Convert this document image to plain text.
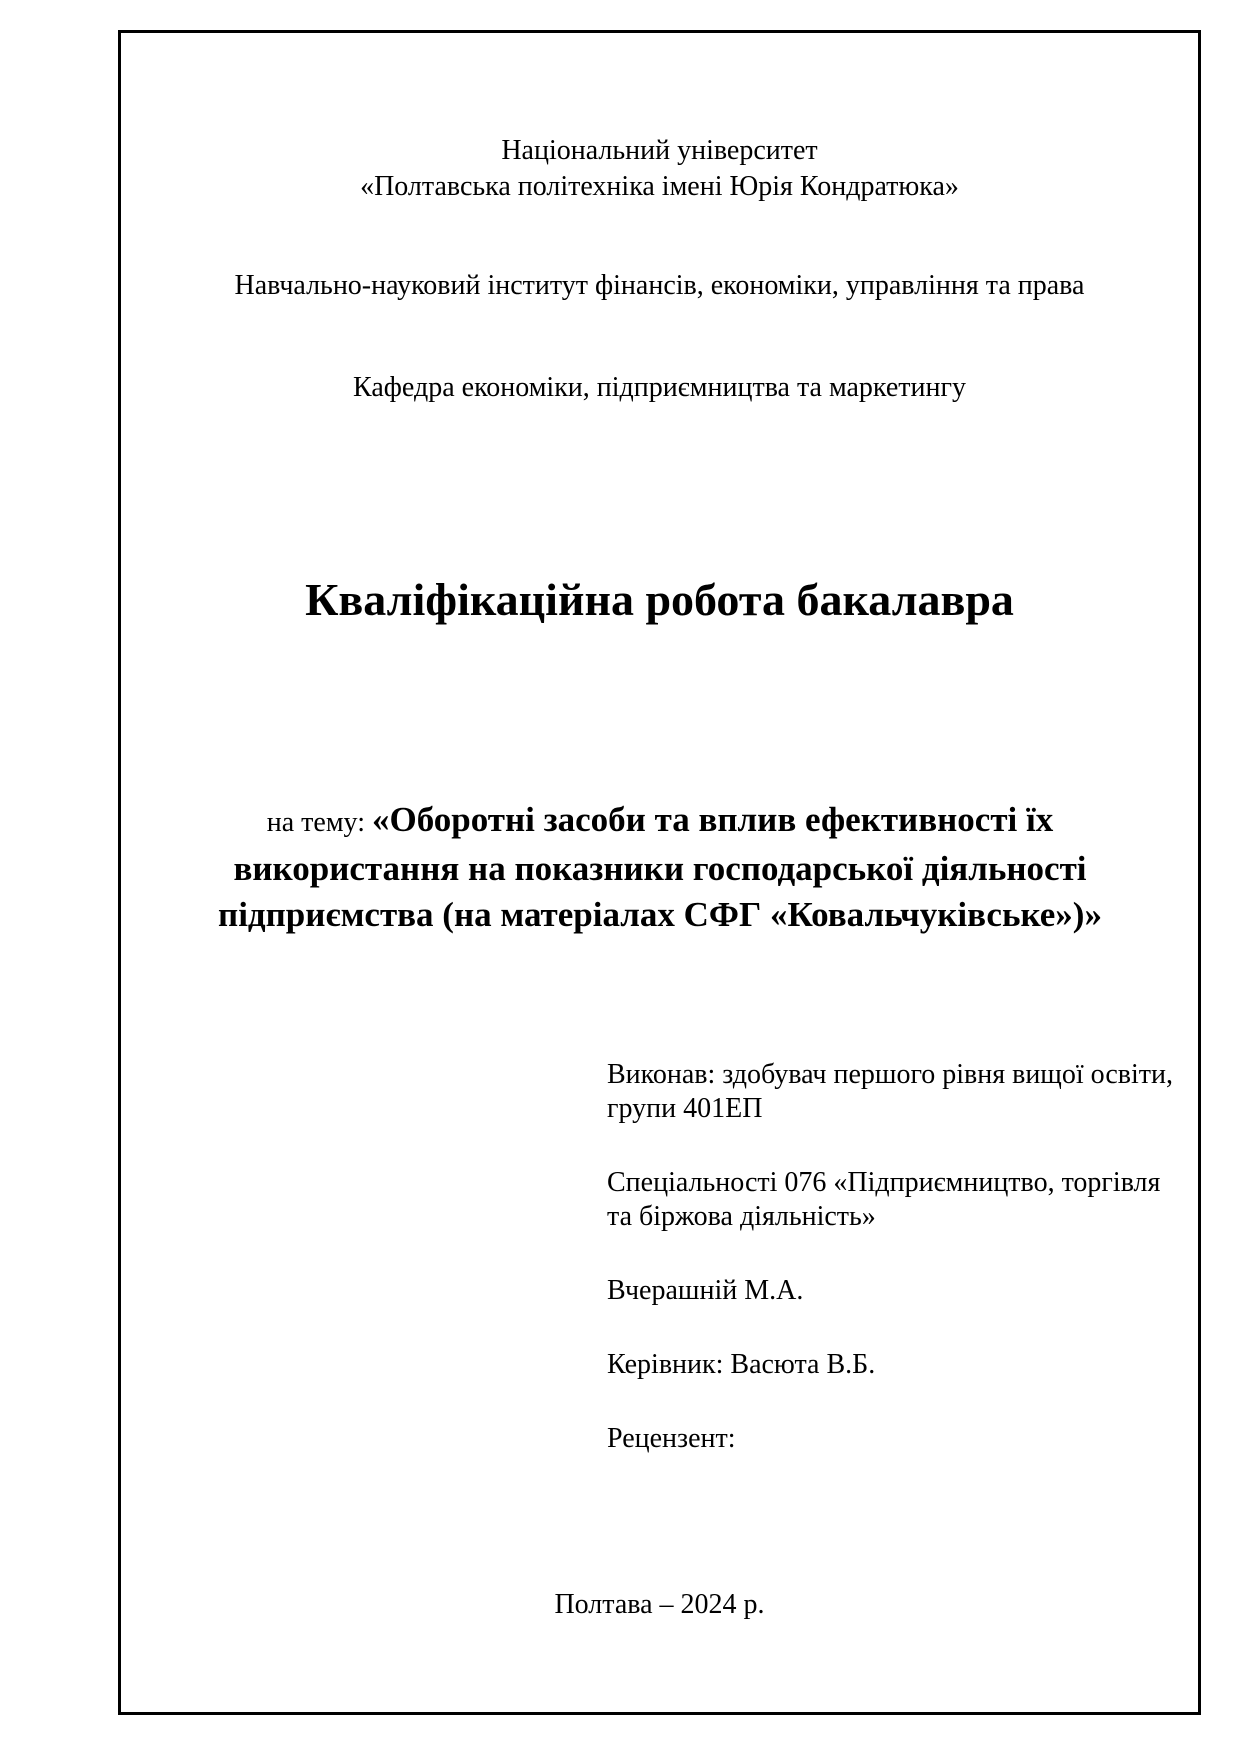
Національний університет
«Полтавська політехніка імені Юрія Кондратюка»

Навчально-науковий інститут фінансів, економіки, управління та права

Кафедра економіки, підприємництва та маркетингу

Кваліфікаційна робота бакалавра

на тему: «Оборотні засоби та вплив ефективності їх використання на показники господарської діяльності підприємства (на матеріалах СФГ «Ковальчуківське»)»

Виконав: здобувач першого рівня вищої освіти, групи 401ЕП

Спеціальності 076 «Підприємництво, торгівля та біржова діяльність»

Вчерашній М.А.

Керівник: Васюта В.Б.

Рецензент:

Полтава – 2024 р.
